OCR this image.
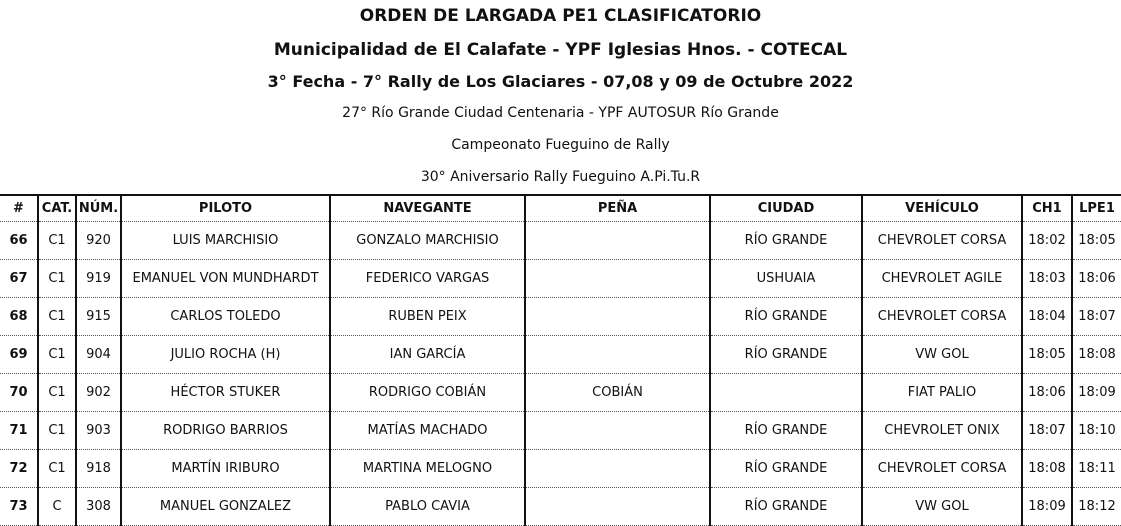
ORDEN DE LARGADA PE1 CLASIFICATORIO
Municipalidad de El Calafate - YPF Iglesias Hnos. - COTECAL
3° Fecha - 7° Rally de Los Glaciares - 07,08 y 09 de Octubre 2022
27° Río Grande Ciudad Centenaria - YPF AUTOSUR Río Grande
Campeonato Fueguino de Rally
30° Aniversario Rally Fueguino A.Pi.Tu.R
#	CAT.	NÚM.	PILOTO	NAVEGANTE	PEÑA	CIUDAD	VEHÍCULO	CH1	LPE1
66	C1	920	LUIS MARCHISIO	GONZALO MARCHISIO		RÍO GRANDE	CHEVROLET CORSA	18:02	18:05
67	C1	919	EMANUEL VON MUNDHARDT	FEDERICO VARGAS		USHUAIA	CHEVROLET AGILE	18:03	18:06
68	C1	915	CARLOS TOLEDO	RUBEN PEIX		RÍO GRANDE	CHEVROLET CORSA	18:04	18:07
69	C1	904	JULIO ROCHA (H)	IAN GARCÍA		RÍO GRANDE	VW GOL	18:05	18:08
70	C1	902	HÉCTOR STUKER	RODRIGO COBIÁN	COBIÁN		FIAT PALIO	18:06	18:09
71	C1	903	RODRIGO BARRIOS	MATÍAS MACHADO		RÍO GRANDE	CHEVROLET ONIX	18:07	18:10
72	C1	918	MARTÍN IRIBURO	MARTINA MELOGNO		RÍO GRANDE	CHEVROLET CORSA	18:08	18:11
73	C	308	MANUEL GONZALEZ	PABLO CAVIA		RÍO GRANDE	VW GOL	18:09	18:12
